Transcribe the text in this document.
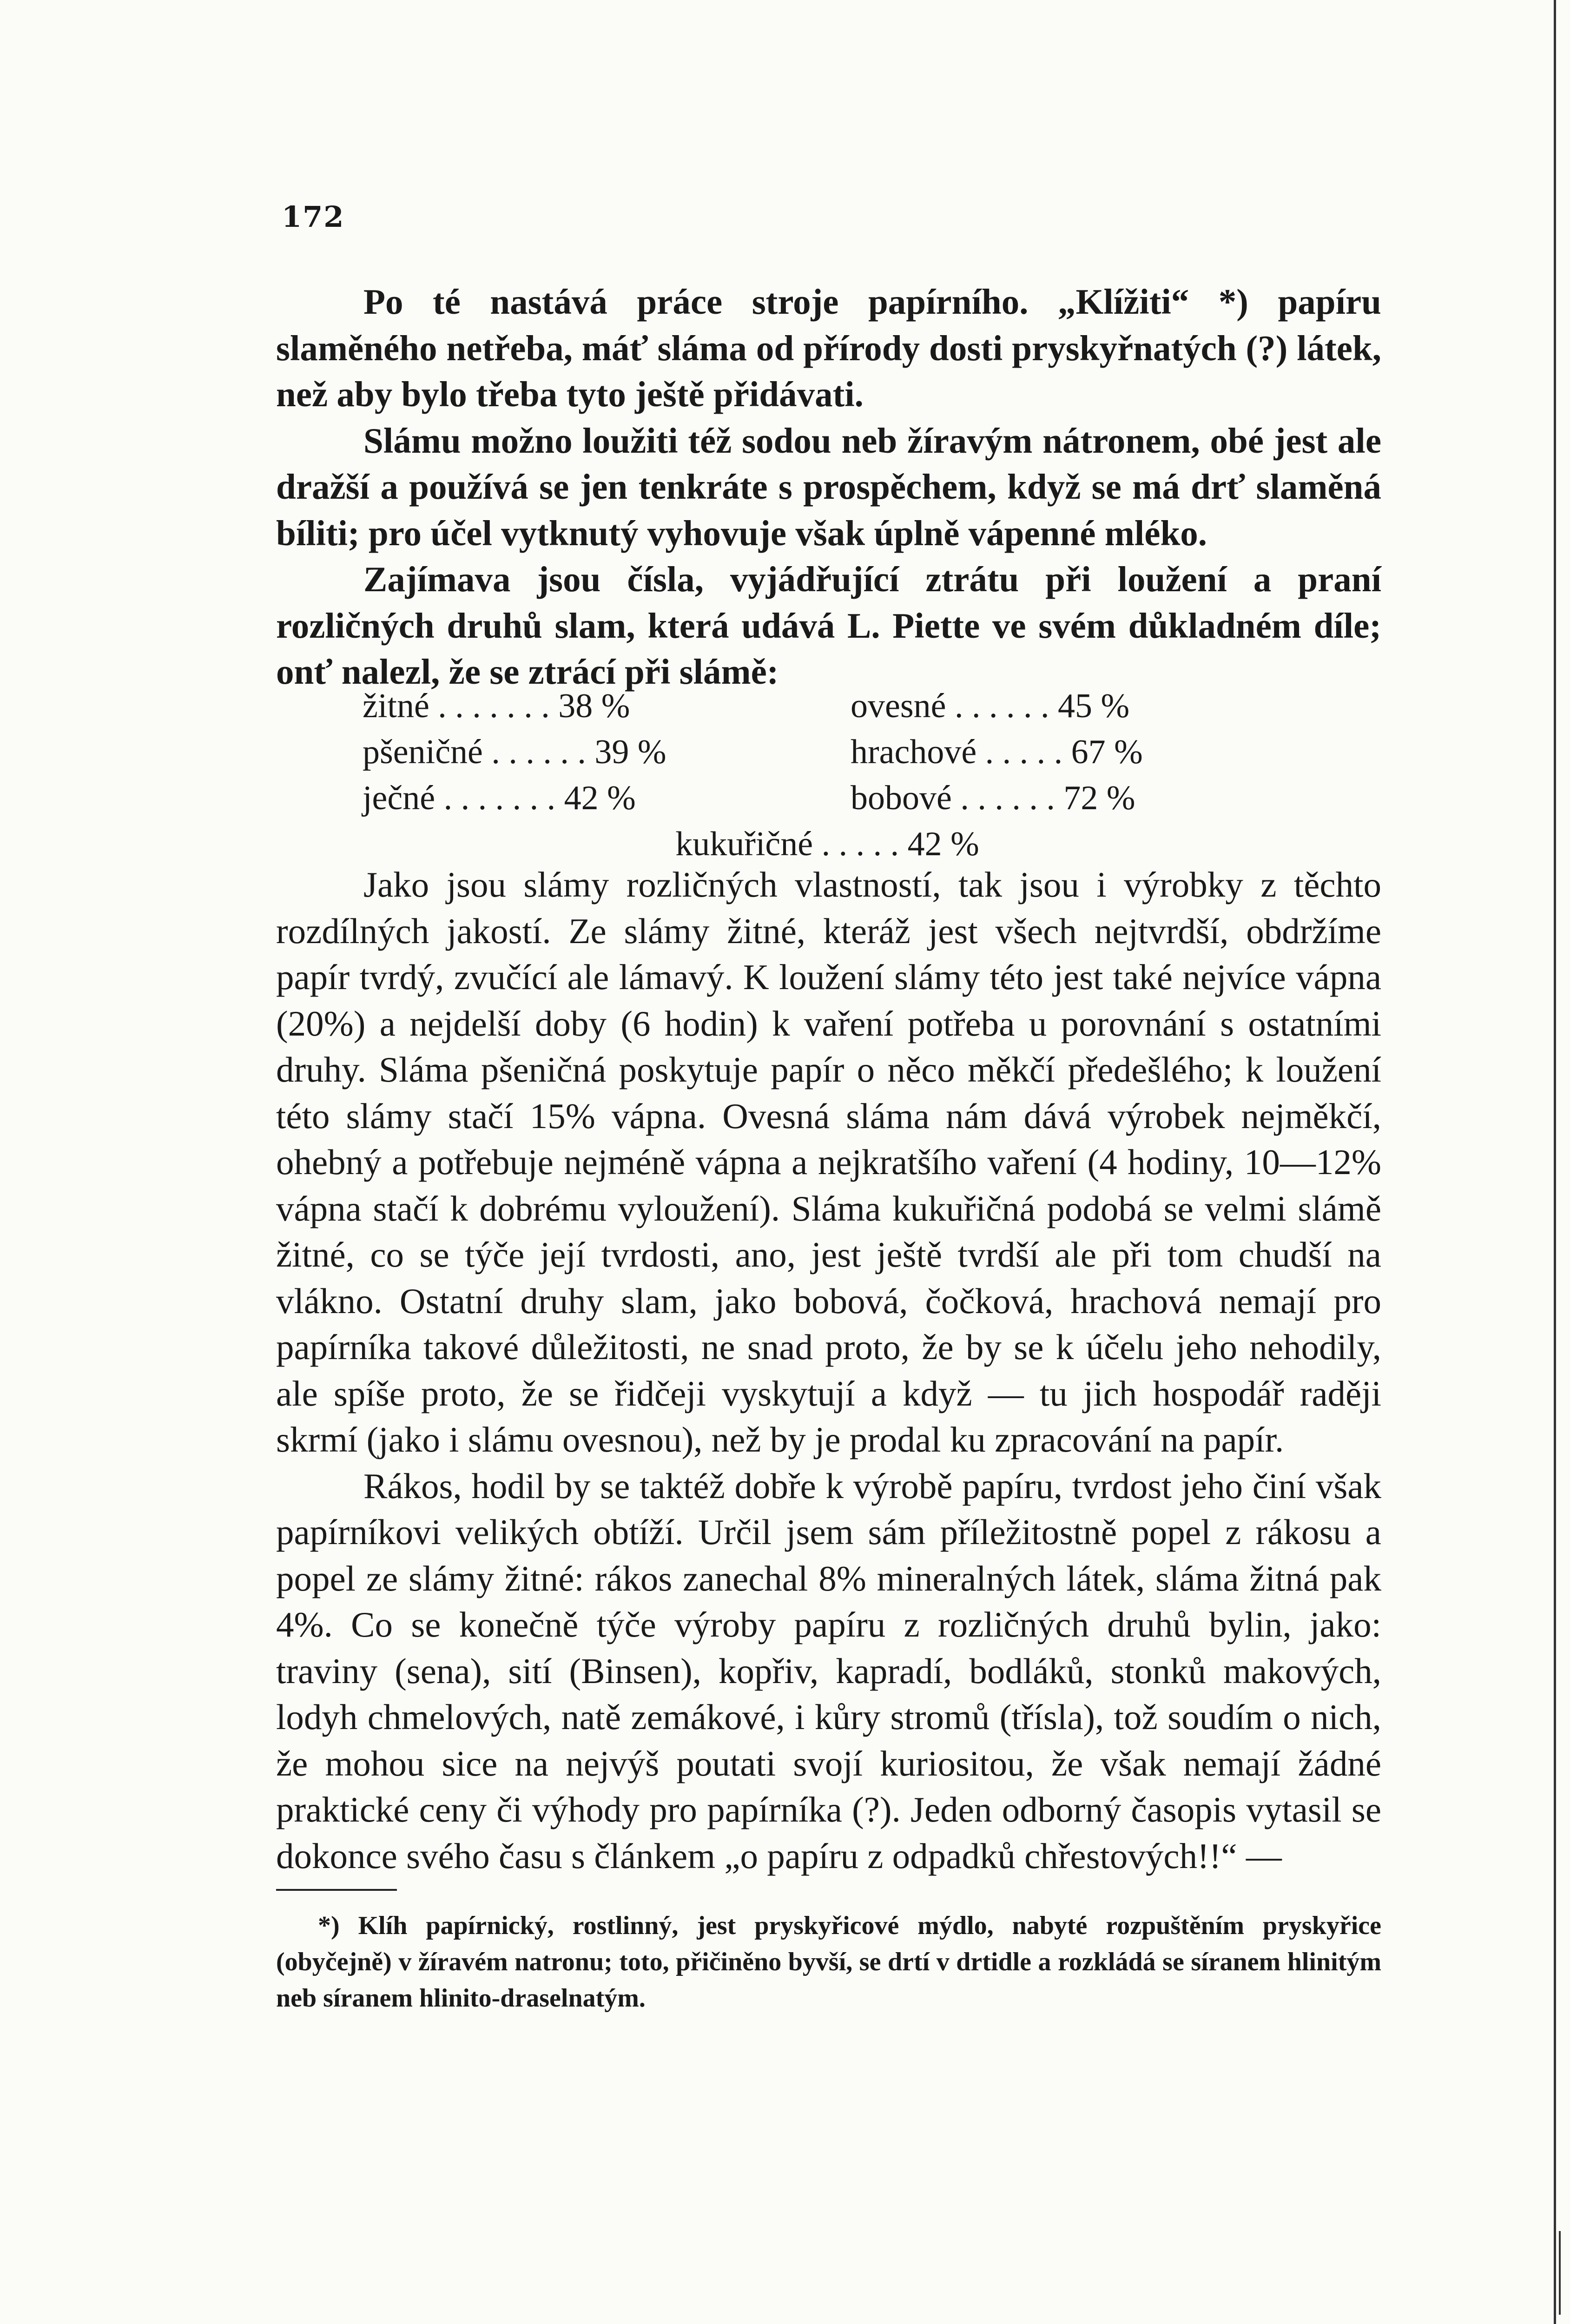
172

Po té nastává práce stroje papírního. „Klížiti“ *) papíru slaměného netřeba, máť sláma od přírody dosti pryskyřnatých (?) látek, než aby bylo třeba tyto ještě přidávati.

Slámu možno loužiti též sodou neb žíravým nátronem, obé jest ale dražší a používá se jen tenkráte s prospěchem, když se má drť slaměná bíliti; pro účel vytknutý vyhovuje však úplně vápenné mléko.

Zajímava jsou čísla, vyjádřující ztrátu při loužení a praní rozličných druhů slam, která udává L. Piette ve svém důkladném díle; onť nalezl, že se ztrácí při slámě:

žitné . . . . . . . 38 %	ovesné . . . . . . 45 %
pšeničné . . . . . . 39 %	hrachové . . . . . 67 %
ječné . . . . . . . 42 %	bobové . . . . . . 72 %
kukuřičné . . . . . 42 %

Jako jsou slámy rozličných vlastností, tak jsou i výrobky z těchto rozdílných jakostí. Ze slámy žitné, kteráž jest všech nejtvrdší, obdržíme papír tvrdý, zvučící ale lámavý. K loužení slámy této jest také nejvíce vápna (20%) a nejdelší doby (6 hodin) k vaření potřeba u porovnání s ostatními druhy. Sláma pšeničná poskytuje papír o něco měkčí předešlého; k loužení této slámy stačí 15% vápna. Ovesná sláma nám dává výrobek nejměkčí, ohebný a potřebuje nejméně vápna a nejkratšího vaření (4 hodiny, 10—12% vápna stačí k dobrému vyloužení). Sláma kukuřičná podobá se velmi slámě žitné, co se týče její tvrdosti, ano, jest ještě tvrdší ale při tom chudší na vlákno. Ostatní druhy slam, jako bobová, čočková, hrachová nemají pro papírníka takové důležitosti, ne snad proto, že by se k účelu jeho nehodily, ale spíše proto, že se řidčeji vyskytují a když — tu jich hospodář raději skrmí (jako i slámu ovesnou), než by je prodal ku zpracování na papír.

Rákos, hodil by se taktéž dobře k výrobě papíru, tvrdost jeho činí však papírníkovi velikých obtíží. Určil jsem sám příležitostně popel z rákosu a popel ze slámy žitné: rákos zanechal 8% mineralných látek, sláma žitná pak 4%. Co se konečně týče výroby papíru z rozličných druhů bylin, jako: traviny (sena), sití (Binsen), kopřiv, kapradí, bodláků, stonků makových, lodyh chmelových, natě zemákové, i kůry stromů (tříslа), tož soudím o nich, že mohou sice na nejvýš poutati svojí kuriositou, že však nemají žádné praktické ceny či výhody pro papírníka (?). Jeden odborný časopis vytasil se dokonce svého času s článkem „o papíru z odpadků chřestových!!“ —

*) Klíh papírnický, rostlinný, jest pryskyřicové mýdlo, nabyté rozpuštěním pryskyřice (obyčejně) v žíravém natronu; toto, přičiněno byvší, se drtí v drtidle a rozkládá se síranem hlinitým neb síranem hlinito-draselnatým.
